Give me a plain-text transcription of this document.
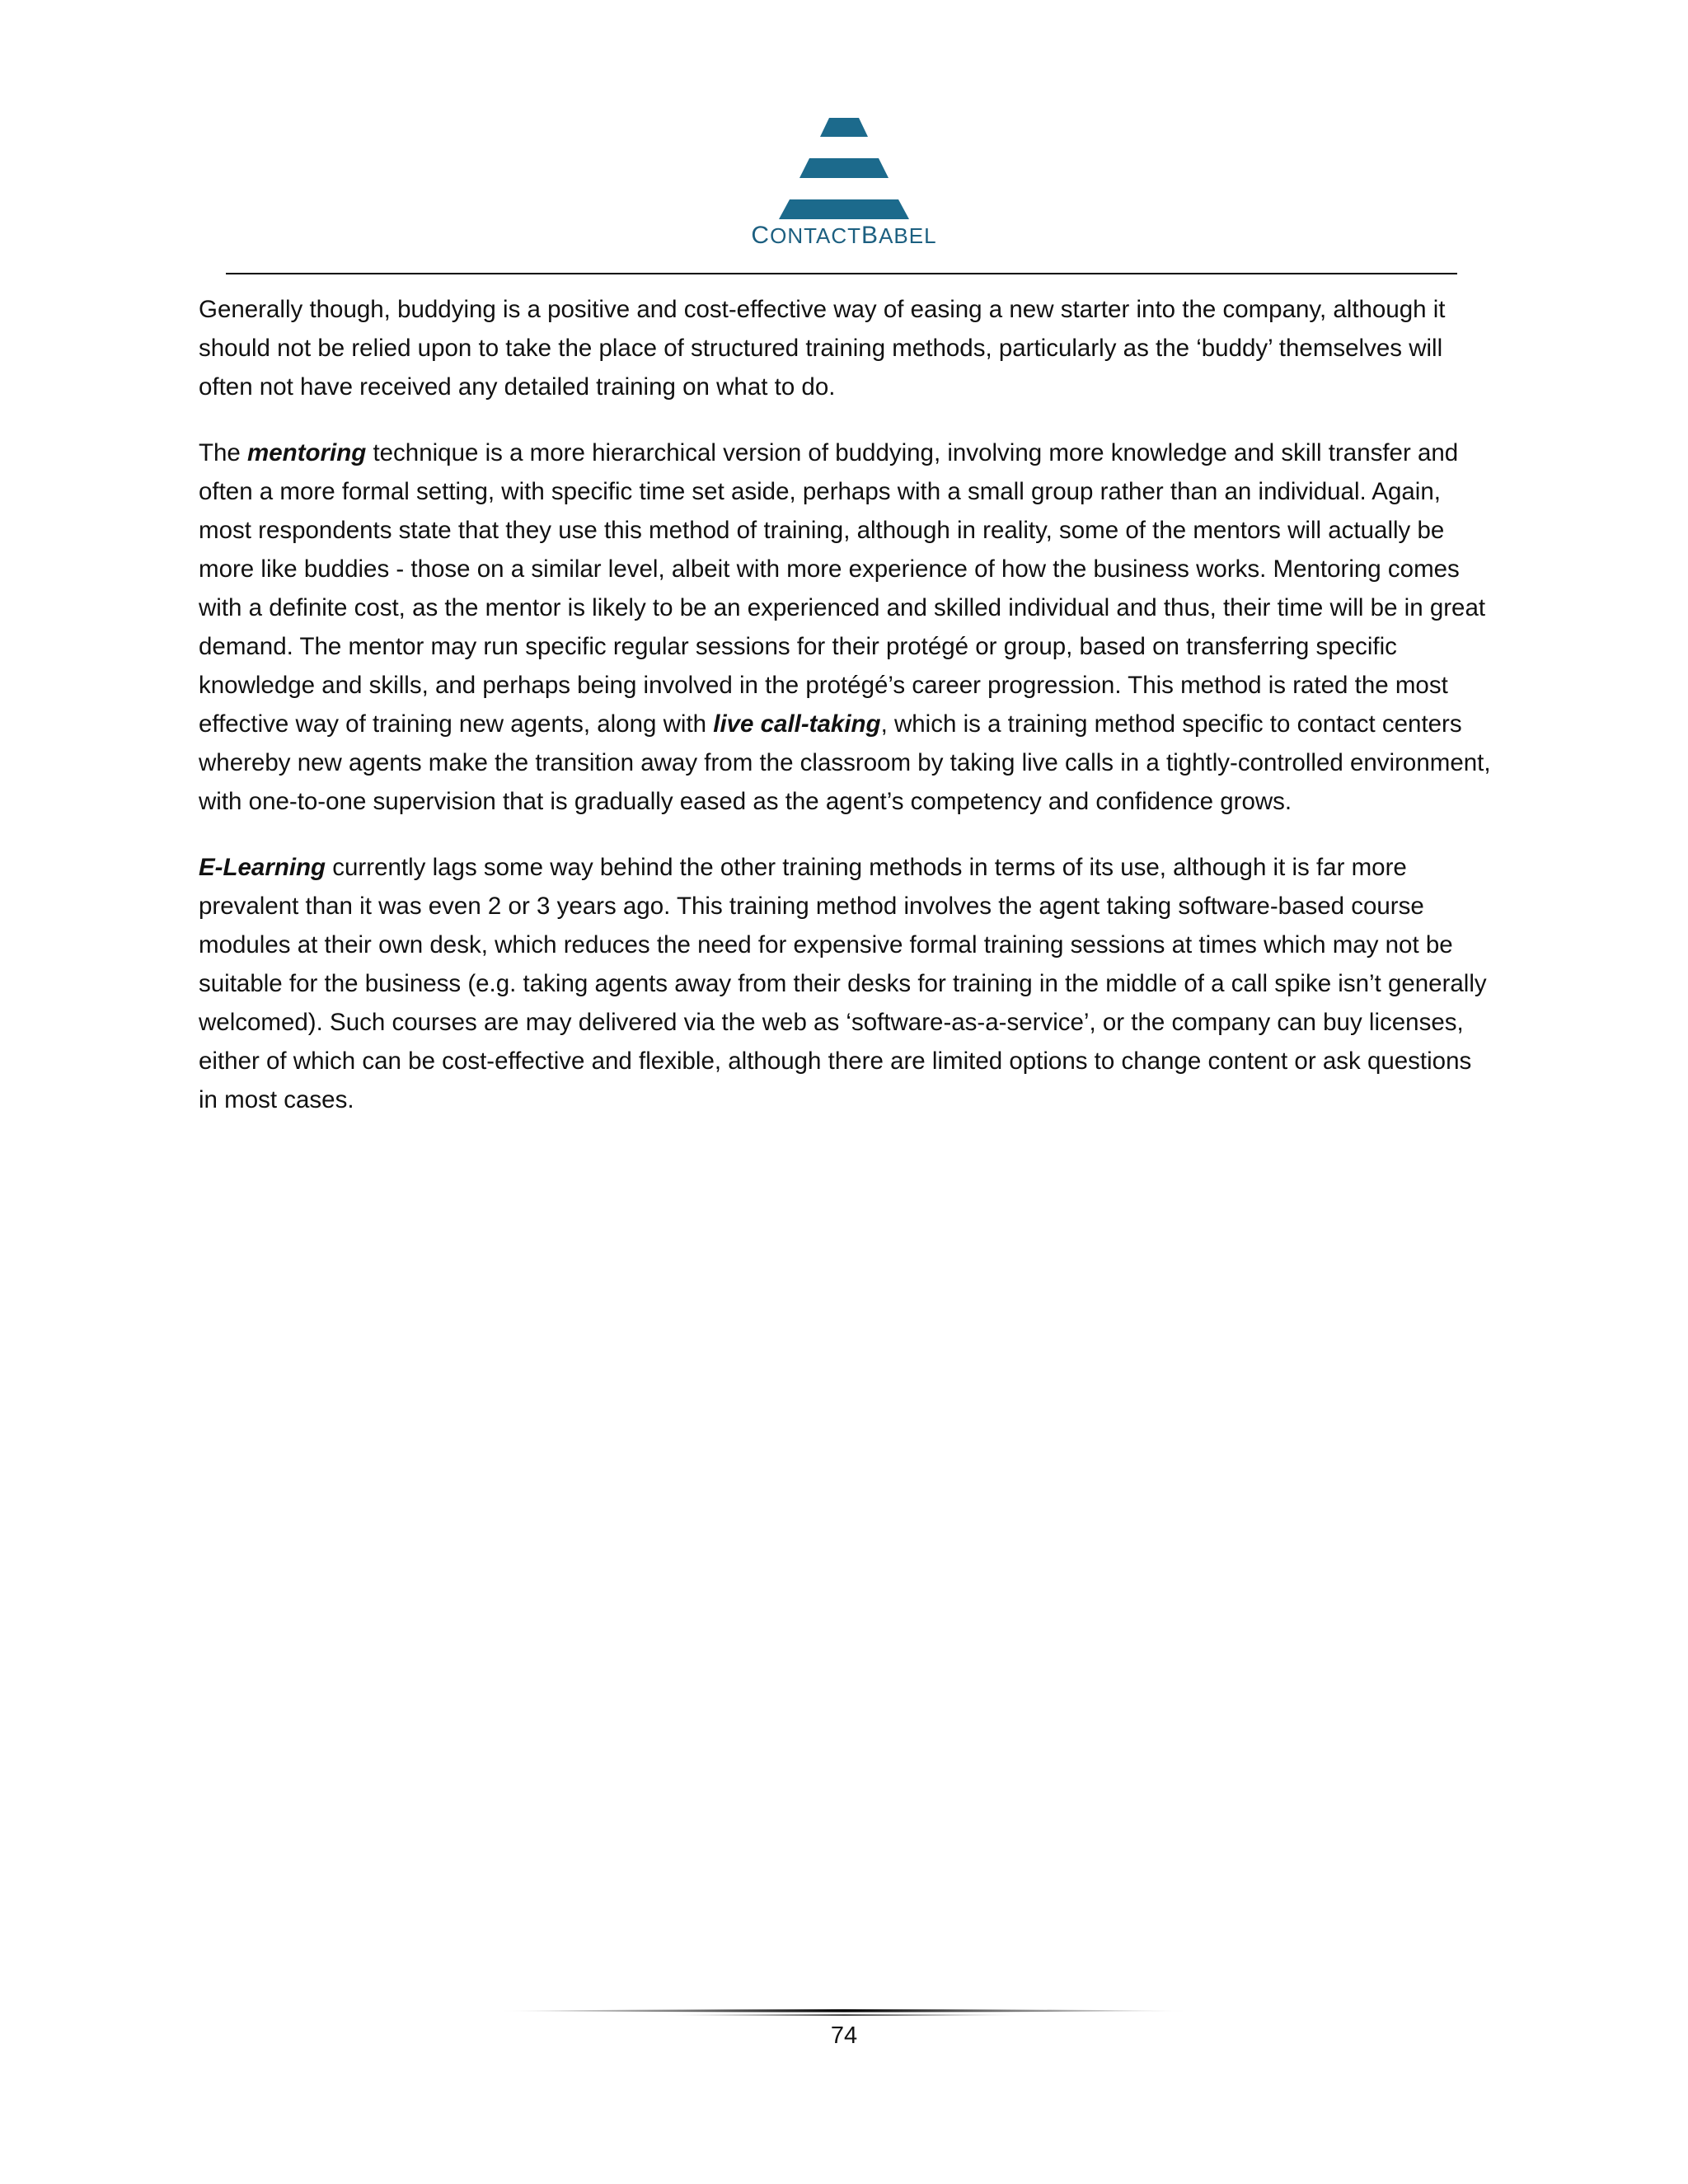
CONTACTBABEL

Generally though, buddying is a positive and cost-effective way of easing a new starter into the company, although it should not be relied upon to take the place of structured training methods, particularly as the ‘buddy’ themselves will often not have received any detailed training on what to do.

The mentoring technique is a more hierarchical version of buddying, involving more knowledge and skill transfer and often a more formal setting, with specific time set aside, perhaps with a small group rather than an individual. Again, most respondents state that they use this method of training, although in reality, some of the mentors will actually be more like buddies - those on a similar level, albeit with more experience of how the business works. Mentoring comes with a definite cost, as the mentor is likely to be an experienced and skilled individual and thus, their time will be in great demand. The mentor may run specific regular sessions for their protégé or group, based on transferring specific knowledge and skills, and perhaps being involved in the protégé’s career progression. This method is rated the most effective way of training new agents, along with live call-taking, which is a training method specific to contact centers whereby new agents make the transition away from the classroom by taking live calls in a tightly-controlled environment, with one-to-one supervision that is gradually eased as the agent’s competency and confidence grows.

E-Learning currently lags some way behind the other training methods in terms of its use, although it is far more prevalent than it was even 2 or 3 years ago. This training method involves the agent taking software-based course modules at their own desk, which reduces the need for expensive formal training sessions at times which may not be suitable for the business (e.g. taking agents away from their desks for training in the middle of a call spike isn’t generally welcomed). Such courses are may delivered via the web as ‘software-as-a-service’, or the company can buy licenses, either of which can be cost-effective and flexible, although there are limited options to change content or ask questions in most cases.

74
